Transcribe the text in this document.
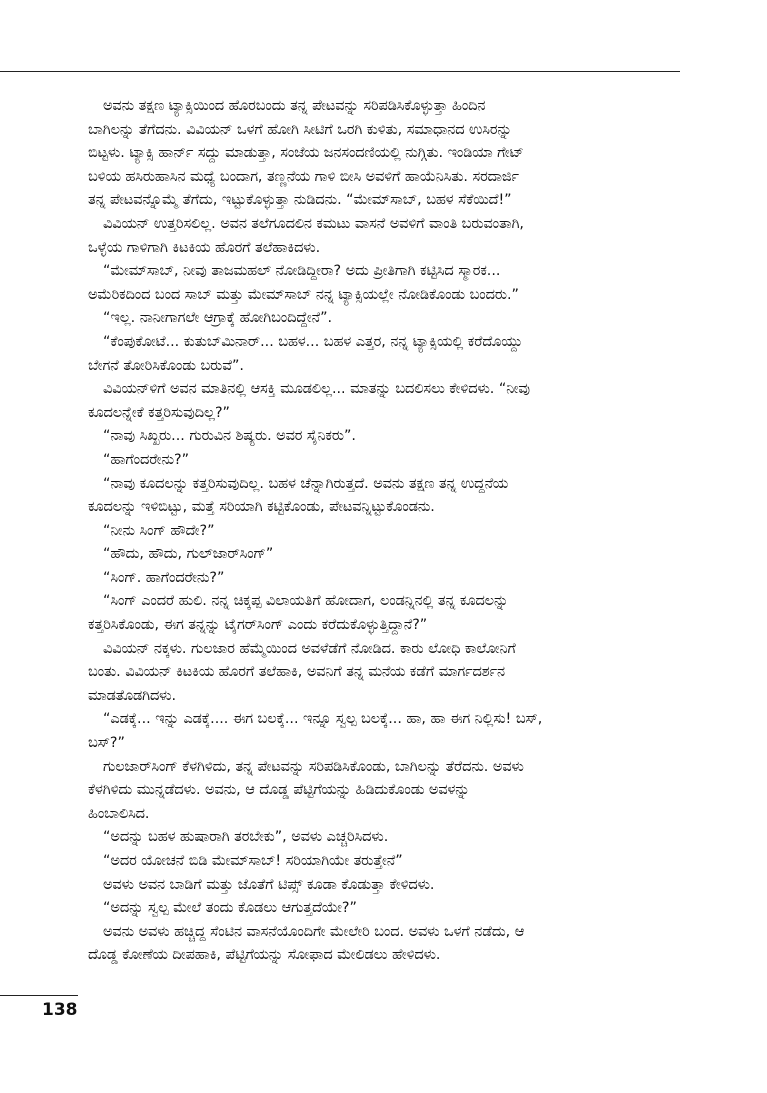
ಅವನು ತಕ್ಷಣ ಟ್ಯಾಕ್ಸಿಯಿಂದ ಹೊರಬಂದು ತನ್ನ ಪೇಟವನ್ನು ಸರಿಪಡಿಸಿಕೊಳ್ಳುತ್ತಾ ಹಿಂದಿನ

ಬಾಗಿಲನ್ನು ತೆಗೆದನು. ವಿವಿಯನ್ ಒಳಗೆ ಹೋಗಿ ಸೀಟಿಗೆ ಒರಗಿ ಕುಳಿತು, ಸಮಾಧಾನದ ಉಸಿರನ್ನು

ಬಿಟ್ಟಳು. ಟ್ಯಾಕ್ಸಿ ಹಾರ್ನ್ ಸದ್ದು ಮಾಡುತ್ತಾ, ಸಂಜೆಯ ಜನಸಂದಣಿಯಲ್ಲಿ ನುಗ್ಗಿತು. ಇಂಡಿಯಾ ಗೇಟ್

ಬಳಿಯ ಹಸಿರುಹಾಸಿನ ಮಧ್ಯೆ ಬಂದಾಗ, ತಣ್ಣನೆಯ ಗಾಳಿ ಬೀಸಿ ಅವಳಿಗೆ ಹಾಯೆನಿಸಿತು. ಸರದಾರ್ಜಿ

ತನ್ನ ಪೇಟವನ್ನೊಮ್ಮೆ ತೆಗೆದು, ಇಟ್ಟುಕೊಳ್ಳುತ್ತಾ ನುಡಿದನು. “ಮೇಮ್‌ಸಾಬ್, ಬಹಳ ಸೆಕೆಯಿದೆ!”

ವಿವಿಯನ್ ಉತ್ತರಿಸಲಿಲ್ಲ. ಅವನ ತಲೆಗೂದಲಿನ ಕಮಟು ವಾಸನೆ ಅವಳಿಗೆ ವಾಂತಿ ಬರುವಂತಾಗಿ,

ಒಳ್ಳೆಯ ಗಾಳಿಗಾಗಿ ಕಿಟಕಿಯ ಹೊರಗೆ ತಲೆಹಾಕಿದಳು.

“ಮೇಮ್‌ಸಾಬ್, ನೀವು ತಾಜಮಹಲ್ ನೋಡಿದ್ದೀರಾ? ಅದು ಪ್ರೀತಿಗಾಗಿ ಕಟ್ಟಿಸಿದ ಸ್ಮಾರಕ...

ಅಮೆರಿಕದಿಂದ ಬಂದ ಸಾಬ್ ಮತ್ತು ಮೇಮ್‌ಸಾಬ್ ನನ್ನ ಟ್ಯಾಕ್ಸಿಯಲ್ಲೇ ನೋಡಿಕೊಂಡು ಬಂದರು.”

“ಇಲ್ಲ. ನಾನೀಗಾಗಲೇ ಆಗ್ರಾಕ್ಕೆ ಹೋಗಿಬಂದಿದ್ದೇನೆ”.

“ಕೆಂಪುಕೋಟೆ... ಕುತುಬ್‌ಮಿನಾರ್... ಬಹಳ... ಬಹಳ ಎತ್ತರ, ನನ್ನ ಟ್ಯಾಕ್ಸಿಯಲ್ಲಿ ಕರೆದೊಯ್ದು

ಬೇಗನೆ ತೋರಿಸಿಕೊಂಡು ಬರುವೆ”.

ವಿವಿಯನ್‌ಳಿಗೆ ಅವನ ಮಾತಿನಲ್ಲಿ ಆಸಕ್ತಿ ಮೂಡಲಿಲ್ಲ... ಮಾತನ್ನು ಬದಲಿಸಲು ಕೇಳಿದಳು. “ನೀವು

ಕೂದಲನ್ನೇಕೆ ಕತ್ತರಿಸುವುದಿಲ್ಲ?”

“ನಾವು ಸಿಖ್ಖರು... ಗುರುವಿನ ಶಿಷ್ಯರು. ಅವರ ಸೈನಿಕರು”.

“ಹಾಗೆಂದರೇನು?”

“ನಾವು ಕೂದಲನ್ನು ಕತ್ತರಿಸುವುದಿಲ್ಲ. ಬಹಳ ಚೆನ್ನಾಗಿರುತ್ತದೆ. ಅವನು ತಕ್ಷಣ ತನ್ನ ಉದ್ದನೆಯ

ಕೂದಲನ್ನು ಇಳಿಬಿಟ್ಟು, ಮತ್ತೆ ಸರಿಯಾಗಿ ಕಟ್ಟಿಕೊಂಡು, ಪೇಟವನ್ನಿಟ್ಟುಕೊಂಡನು.

“ನೀನು ಸಿಂಗ್ ಹೌದೇ?”

“ಹೌದು, ಹೌದು, ಗುಲ್‌ಜಾರ್‌ಸಿಂಗ್”

“ಸಿಂಗ್. ಹಾಗೆಂದರೇನು?”

“ಸಿಂಗ್ ಎಂದರೆ ಹುಲಿ. ನನ್ನ ಚಿಕ್ಕಪ್ಪ ವಿಲಾಯತಿಗೆ ಹೋದಾಗ, ಲಂಡನ್ನಿನಲ್ಲಿ ತನ್ನ ಕೂದಲನ್ನು

ಕತ್ತರಿಸಿಕೊಂಡು, ಈಗ ತನ್ನನ್ನು ಟೈಗರ್‌ಸಿಂಗ್ ಎಂದು ಕರೆದುಕೊಳ್ಳುತ್ತಿದ್ದಾನೆ?”

ವಿವಿಯನ್ ನಕ್ಕಳು. ಗುಲಜಾರ ಹೆಮ್ಮೆಯಿಂದ ಅವಳೆಡೆಗೆ ನೋಡಿದ. ಕಾರು ಲೋಧಿ ಕಾಲೋನಿಗೆ

ಬಂತು. ವಿವಿಯನ್ ಕಿಟಕಿಯ ಹೊರಗೆ ತಲೆಹಾಕಿ, ಅವನಿಗೆ ತನ್ನ ಮನೆಯ ಕಡೆಗೆ ಮಾರ್ಗದರ್ಶನ

ಮಾಡತೊಡಗಿದಳು.

“ಎಡಕ್ಕೆ... ಇನ್ನು ಎಡಕ್ಕೆ.... ಈಗ ಬಲಕ್ಕೆ... ಇನ್ನೂ ಸ್ವಲ್ಪ ಬಲಕ್ಕೆ... ಹಾ, ಹಾ ಈಗ ನಿಲ್ಲಿಸು! ಬಸ್,

ಬಸ್?”

ಗುಲಜಾರ್‌ಸಿಂಗ್ ಕೆಳಗಿಳಿದು, ತನ್ನ ಪೇಟವನ್ನು ಸರಿಪಡಿಸಿಕೊಂಡು, ಬಾಗಿಲನ್ನು ತೆರೆದನು. ಅವಳು

ಕೆಳಗಿಳಿದು ಮುನ್ನಡೆದಳು. ಅವನು, ಆ ದೊಡ್ಡ ಪೆಟ್ಟಿಗೆಯನ್ನು ಹಿಡಿದುಕೊಂಡು ಅವಳನ್ನು

ಹಿಂಬಾಲಿಸಿದ.

“ಅದನ್ನು ಬಹಳ ಹುಷಾರಾಗಿ ತರಬೇಕು”, ಅವಳು ಎಚ್ಚರಿಸಿದಳು.

“ಅದರ ಯೋಚನೆ ಬಿಡಿ ಮೇಮ್‌ಸಾಬ್! ಸರಿಯಾಗಿಯೇ ತರುತ್ತೇನೆ”

ಅವಳು ಅವನ ಬಾಡಿಗೆ ಮತ್ತು ಜೊತೆಗೆ ಟಿಪ್ಸ್ ಕೂಡಾ ಕೊಡುತ್ತಾ ಕೇಳಿದಳು.

“ಅದನ್ನು ಸ್ವಲ್ಪ ಮೇಲೆ ತಂದು ಕೊಡಲು ಆಗುತ್ತದೆಯೇ?”

ಅವನು ಅವಳು ಹಚ್ಚಿದ್ದ ಸೆಂಟಿನ ವಾಸನೆಯೊಂದಿಗೇ ಮೇಲೇರಿ ಬಂದ. ಅವಳು ಒಳಗೆ ನಡೆದು, ಆ

ದೊಡ್ಡ ಕೋಣೆಯ ದೀಪಹಾಕಿ, ಪೆಟ್ಟಿಗೆಯನ್ನು ಸೋಫಾದ ಮೇಲಿಡಲು ಹೇಳಿದಳು.

138
